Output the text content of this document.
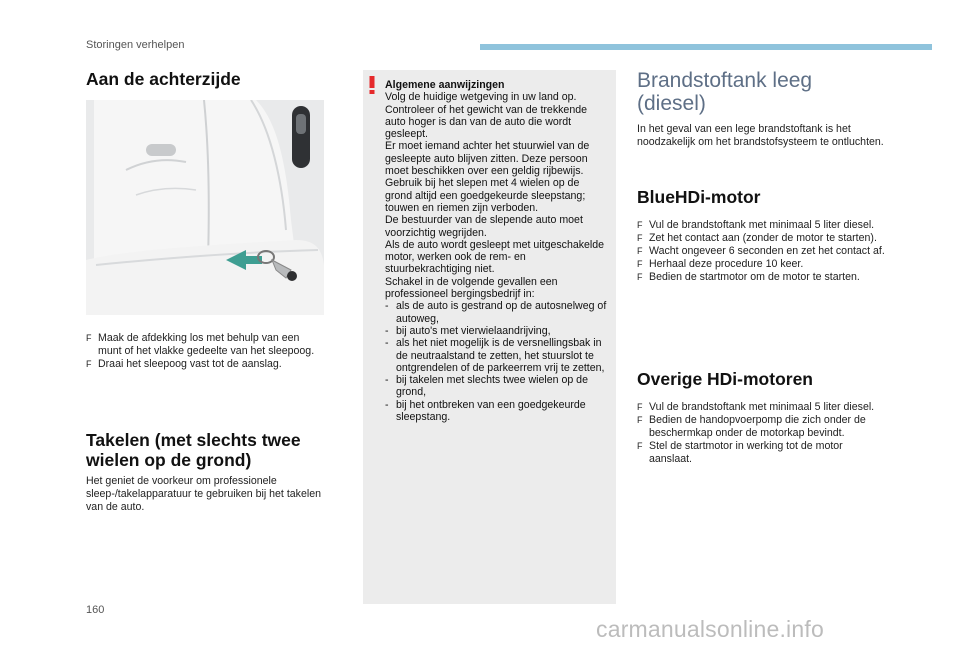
Storingen verhelpen
Aan de achterzijde
F Maak de afdekking los met behulp van een munt of het vlakke gedeelte van het sleepoog.
F Draai het sleepoog vast tot de aanslag.
Takelen (met slechts twee
wielen op de grond)

Het geniet de voorkeur om professionele sleep-/takelapparatuur te gebruiken bij het takelen van de auto.

Algemene aanwijzingen

Volg de huidige wetgeving in uw land op.

Controleer of het gewicht van de trekkende auto hoger is dan van de auto die wordt gesleept.

Er moet iemand achter het stuurwiel van de gesleepte auto blijven zitten. Deze persoon moet beschikken over een geldig rijbewijs.

Gebruik bij het slepen met 4 wielen op de grond altijd een goedgekeurde sleepstang; touwen en riemen zijn verboden.

De bestuurder van de slepende auto moet voorzichtig wegrijden.

Als de auto wordt gesleept met uitgeschakelde motor, werken ook de rem- en stuurbekrachtiging niet.

Schakel in de volgende gevallen een professioneel bergingsbedrijf in:

- als de auto is gestrand op de autosnelweg of autoweg,
- bij auto's met vierwielaandrijving,
- als het niet mogelijk is de versnellingsbak in de neutraalstand te zetten, het stuurslot te ontgrendelen of de parkeerrem vrij te zetten,
- bij takelen met slechts twee wielen op de grond,
- bij het ontbreken van een goedgekeurde sleepstang.
Brandstoftank leeg
(diesel)

In het geval van een lege brandstoftank is het noodzakelijk om het brandstofsysteem te ontluchten.

BlueHDi-motor
F Vul de brandstoftank met minimaal 5 liter diesel.
F Zet het contact aan (zonder de motor te starten).
F Wacht ongeveer 6 seconden en zet het contact af.
F Herhaal deze procedure 10 keer.
F Bedien de startmotor om de motor te starten.
Overige HDi-motoren
F Vul de brandstoftank met minimaal 5 liter diesel.
F Bedien de handopvoerpomp die zich onder de beschermkap onder de motorkap bevindt.
F Stel de startmotor in werking tot de motor aanslaat.
160
carmanualsonline.info
